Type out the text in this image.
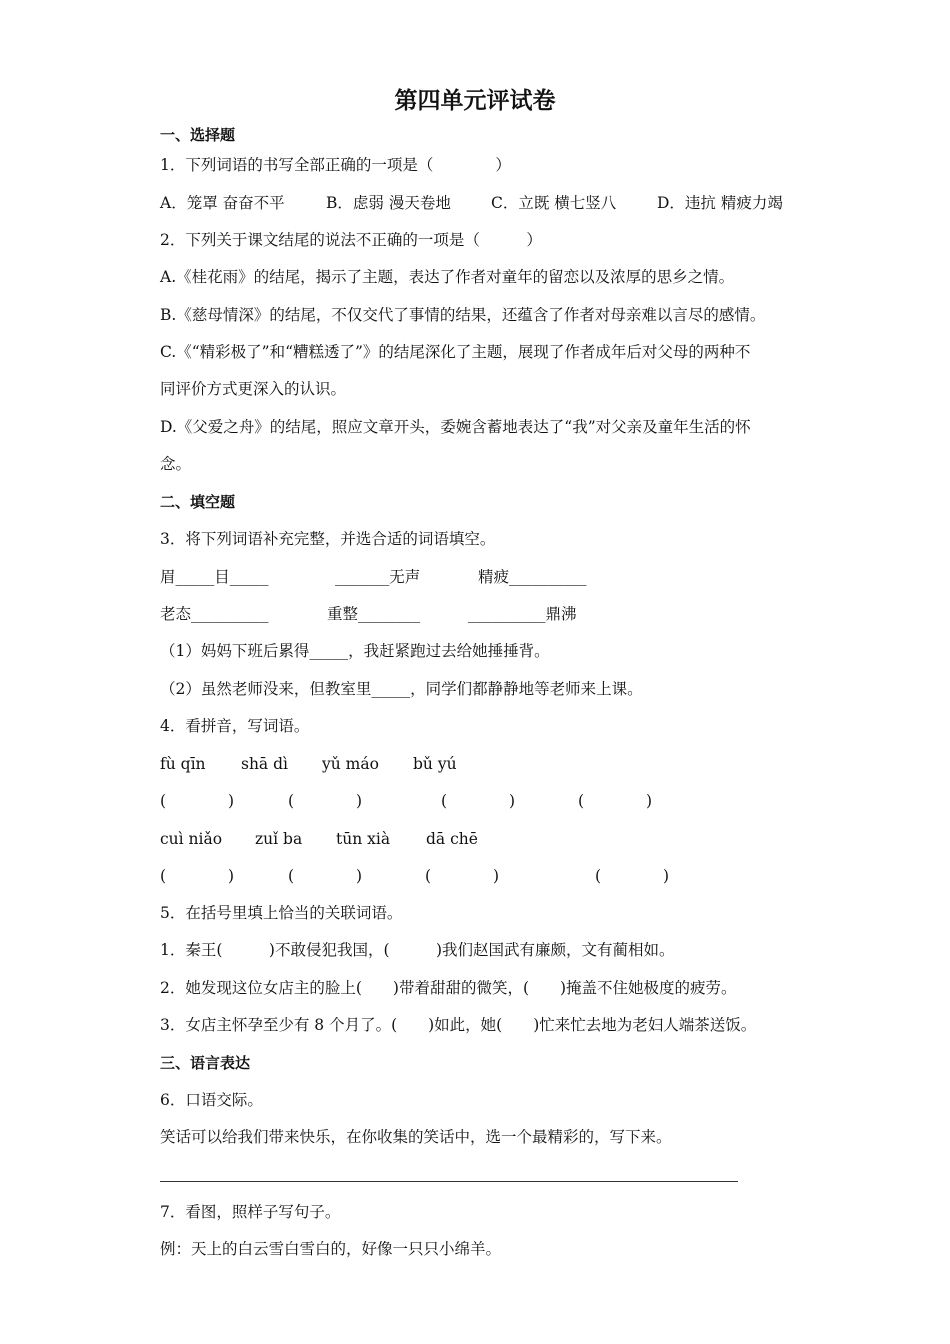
第四单元评试卷
一、选择题
1．下列词语的书写全部正确的一项是（　　　　）
A．笼罩 奋奋不平	B．虑弱 漫天卷地	C．立既 横七竖八	D．违抗 精疲力竭
2．下列关于课文结尾的说法不正确的一项是（　　　）
A.《桂花雨》的结尾，揭示了主题，表达了作者对童年的留恋以及浓厚的思乡之情。
B.《慈母情深》的结尾，不仅交代了事情的结果，还蕴含了作者对母亲难以言尽的感情。
C.《“精彩极了”和“糟糕透了”》的结尾深化了主题，展现了作者成年后对父母的两种不
同评价方式更深入的认识。
D.《父爱之舟》的结尾，照应文章开头，委婉含蓄地表达了“我”对父亲及童年生活的怀
念。
二、填空题
3．将下列词语补充完整，并选合适的词语填空。
眉_____目_____	_______无声	精疲__________
老态__________	重整________	__________鼎沸
（1）妈妈下班后累得_____，我赶紧跑过去给她捶捶背。
（2）虽然老师没来，但教室里_____，同学们都静静地等老师来上课。
4．看拼音，写词语。
fù qīn shā dì yǔ máo bǔ yú
(　　　　)	(　　　　)	(　　　　)	(　　　　)
cuì niǎo zuǐ ba tūn xià dā chē
(　　　　)	(　　　　)	(　　　　)	(　　　　)
5．在括号里填上恰当的关联词语。
1．秦王(　　　)不敢侵犯我国，(　　　)我们赵国武有廉颇，文有蔺相如。
2．她发现这位女店主的脸上(　　)带着甜甜的微笑，(　　)掩盖不住她极度的疲劳。
3．女店主怀孕至少有 8 个月了。(　　)如此，她(　　)忙来忙去地为老妇人端茶送饭。
三、语言表达
6．口语交际。
笑话可以给我们带来快乐，在你收集的笑话中，选一个最精彩的，写下来。
7．看图，照样子写句子。
例：天上的白云雪白雪白的，好像一只只小绵羊。
